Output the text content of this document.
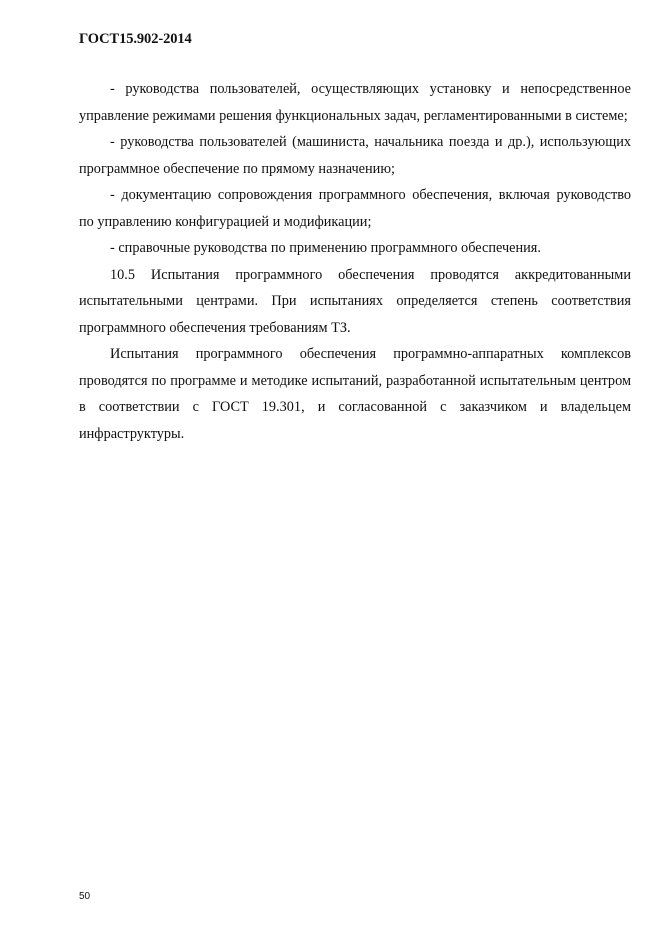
ГОСТ15.902-2014

- руководства пользователей, осуществляющих установку и непосредственное управление режимами решения функциональных задач, регламентированными в системе;

- руководства пользователей (машиниста, начальника поезда и др.), использующих программное обеспечение по прямому назначению;

- документацию сопровождения программного обеспечения, включая руководство по управлению конфигурацией и модификации;

- справочные руководства по применению программного обеспечения.

10.5 Испытания программного обеспечения проводятся аккредитованными испытательными центрами. При испытаниях определяется степень соответствия программного обеспечения требованиям ТЗ.

Испытания программного обеспечения программно-аппаратных комплексов проводятся по программе и методике испытаний, разработанной испытательным центром в соответствии с ГОСТ 19.301, и согласованной с заказчиком и владельцем инфраструктуры.

50
